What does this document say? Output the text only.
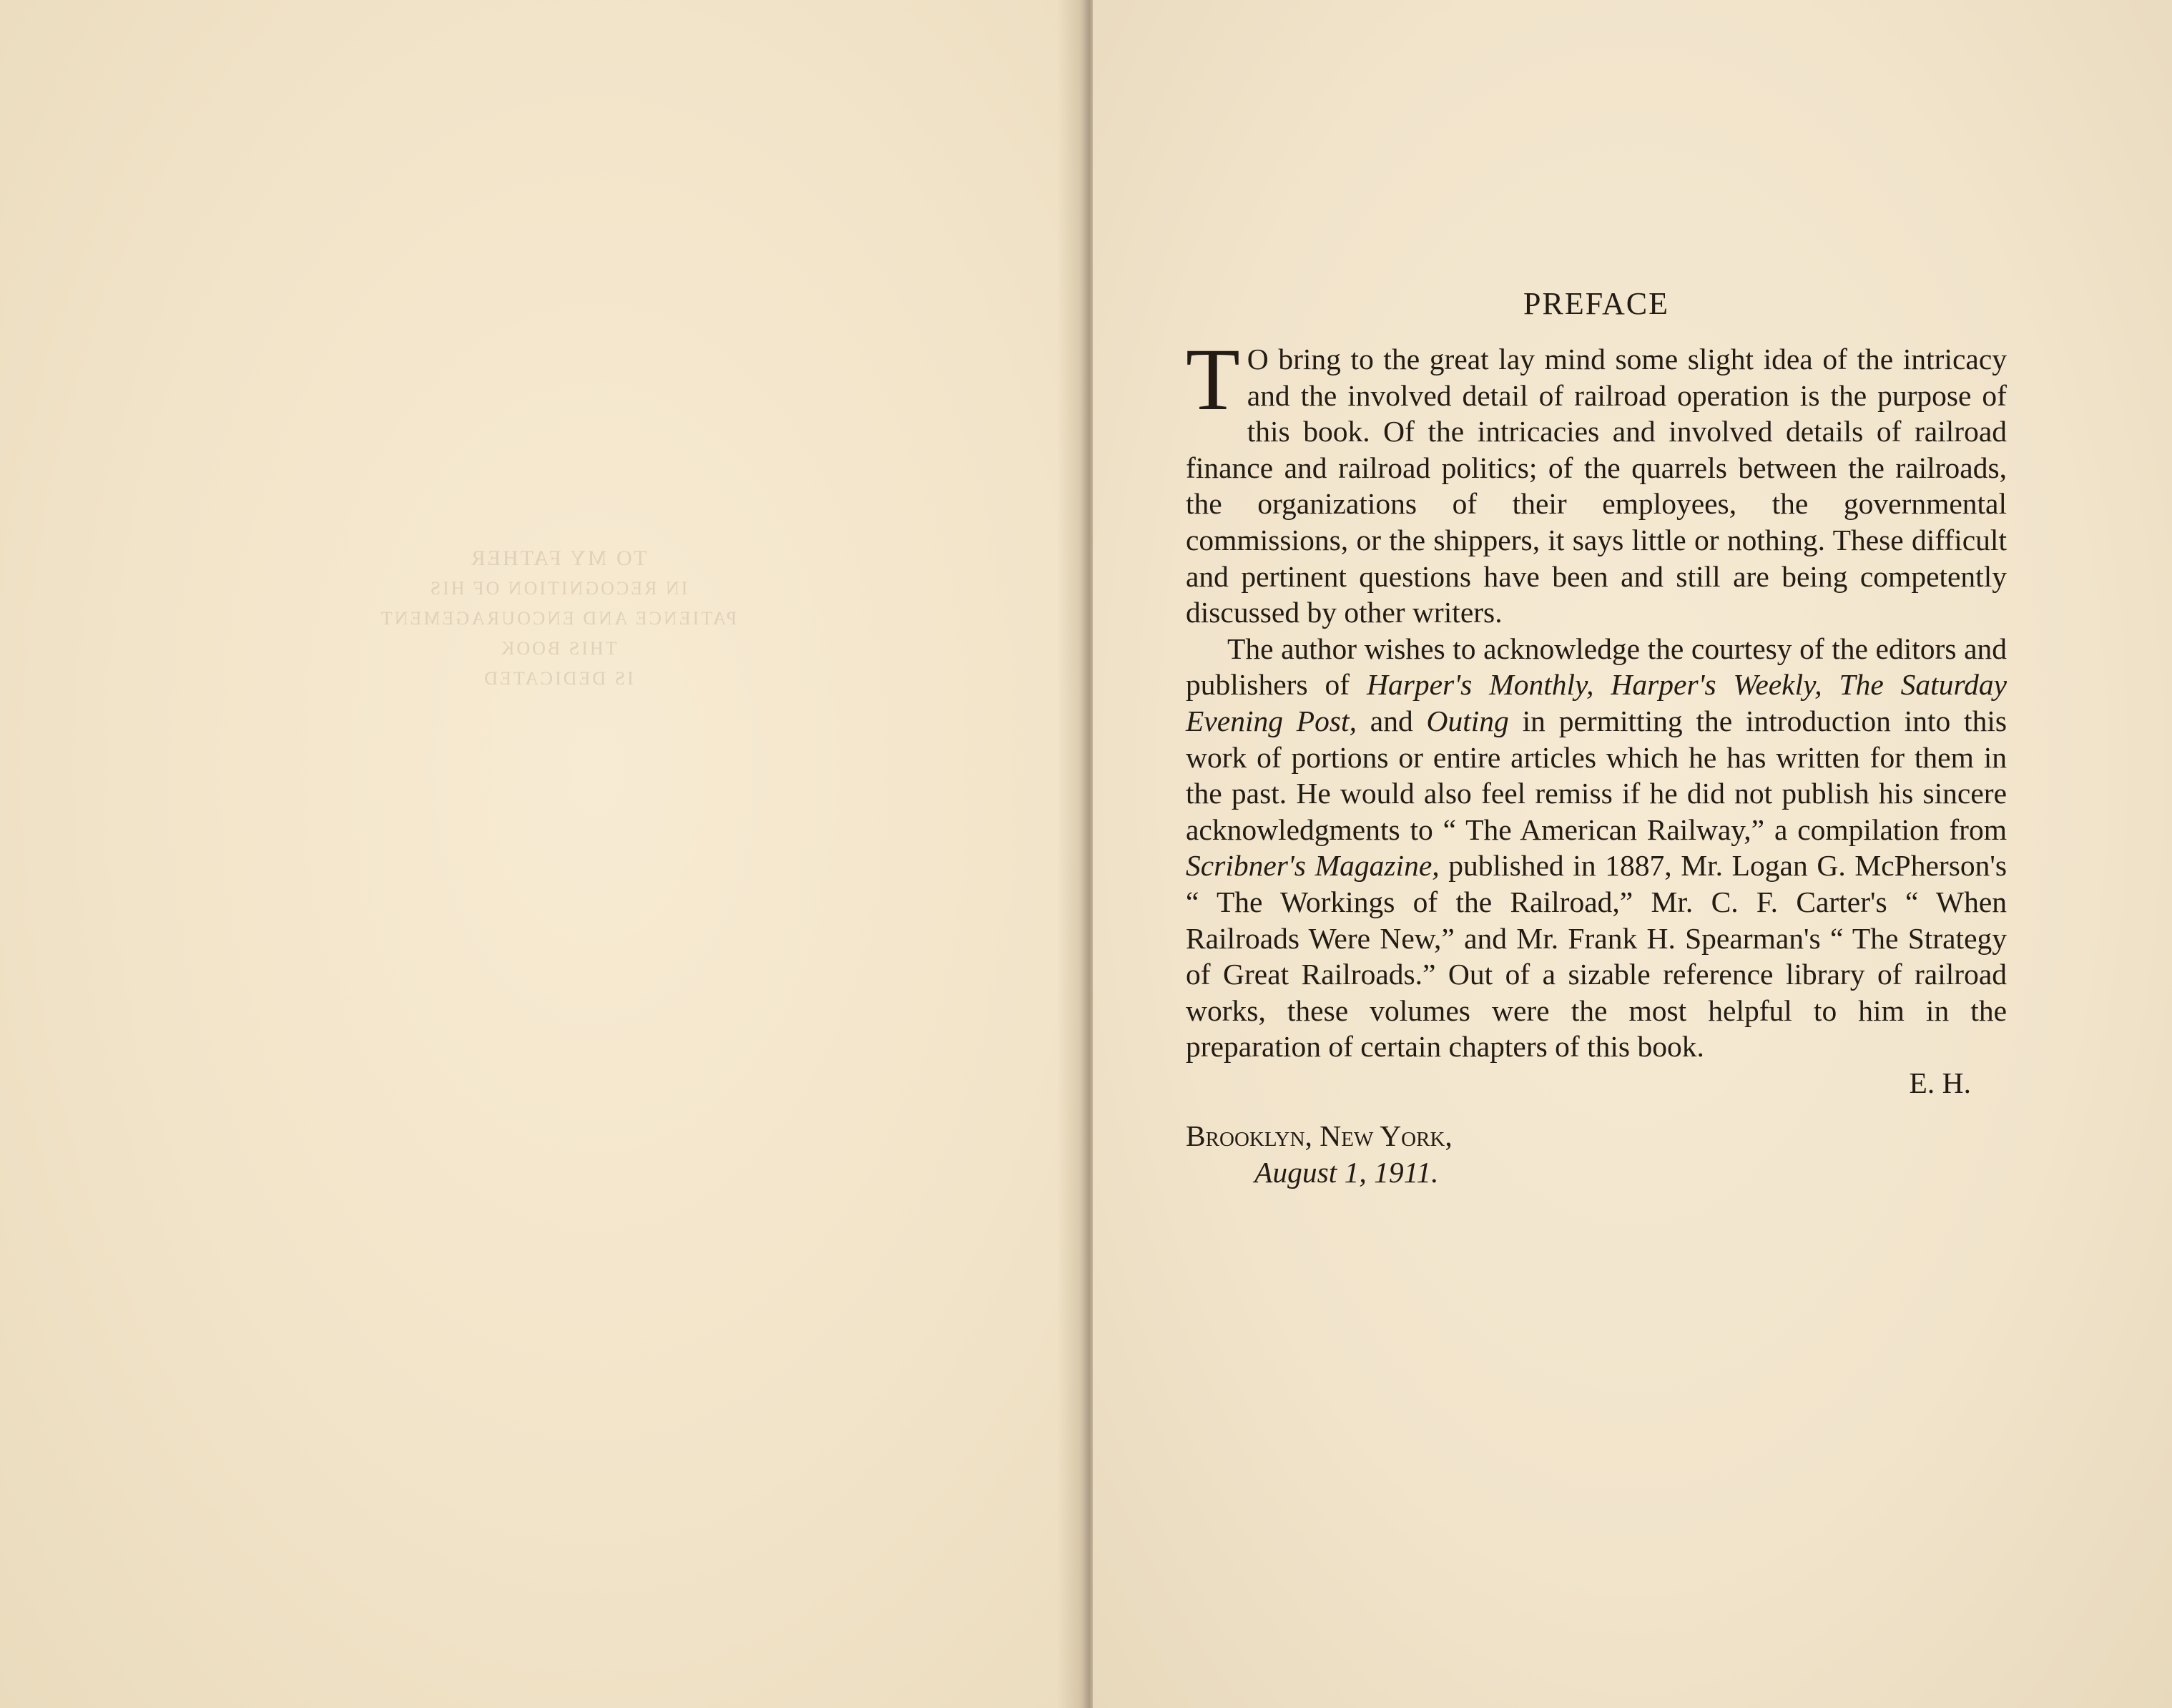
TO MY FATHER
IN RECOGNITION OF HIS
PATIENCE AND ENCOURAGEMENT
THIS BOOK
IS DEDICATED
PREFACE

T O bring to the great lay mind some slight idea of the intricacy and the involved detail of railroad operation is the purpose of this book. Of the intricacies and involved details of railroad finance and railroad politics; of the quarrels between the railroads, the organizations of their employees, the governmental commissions, or the shippers, it says little or nothing. These difficult and pertinent questions have been and still are being competently discussed by other writers.

The author wishes to acknowledge the courtesy of the editors and publishers of Harper's Monthly, Harper's Weekly, The Saturday Evening Post, and Outing in permitting the introduction into this work of portions or entire articles which he has written for them in the past. He would also feel remiss if he did not publish his sincere acknowledgments to “ The American Railway,” a compilation from Scribner's Magazine, published in 1887, Mr. Logan G. McPherson's “ The Workings of the Railroad,” Mr. C. F. Carter's “ When Railroads Were New,” and Mr. Frank H. Spearman's “ The Strategy of Great Railroads.” Out of a sizable reference library of railroad works, these volumes were the most helpful to him in the preparation of certain chapters of this book.

E. H.
Brooklyn, New York,
August 1, 1911.
